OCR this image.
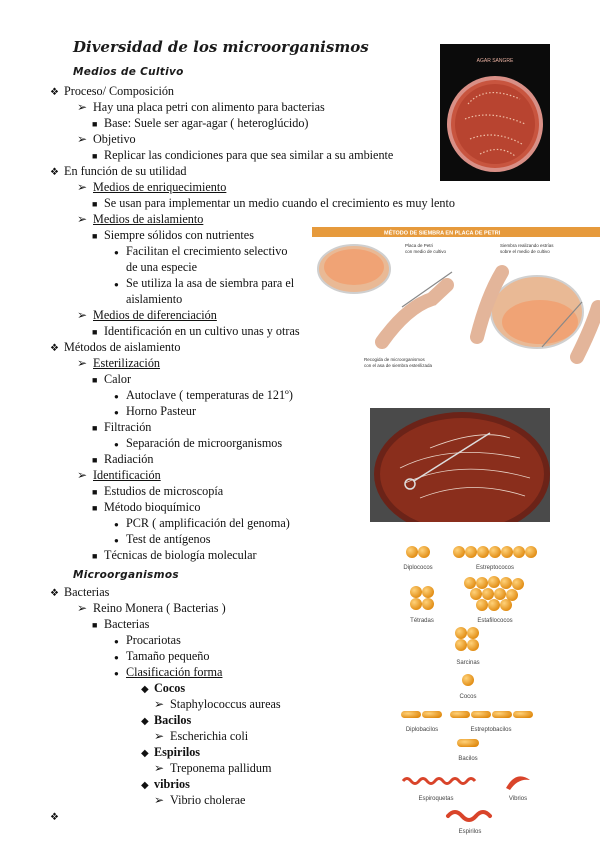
Diversidad de los microorganismos
Medios de Cultivo
Microorganismos
❖ Proceso/ Composición
➢ Hay una placa petri con alimento para bacterias
■ Base: Suele ser agar-agar ( heteroglúcido)
➢ Objetivo
■ Replicar las condiciones para que sea similar a su ambiente
❖ En función de su utilidad
➢ Medios de enriquecimiento
■ Se usan para implementar un medio cuando el crecimiento es muy lento
➢ Medios de aislamiento
■ Siempre sólidos con nutrientes
● Facilitan el crecimiento selectivo
de una especie
● Se utiliza la asa de siembra para el
aislamiento
➢ Medios de diferenciación
■ Identificación en un cultivo unas y otras
❖ Métodos de aislamiento
➢ Esterilización
■ Calor
● Autoclave ( temperaturas de 121º)
● Horno Pasteur
■ Filtración
● Separación de microorganismos
■ Radiación
➢ Identificación
■ Estudios de microscopía
■ Método bioquímico
● PCR ( amplificación del genoma)
● Test de antígenos
■ Técnicas de biología molecular
❖ Bacterias
➢ Reino Monera ( Bacterias )
■ Bacterias
● Procariotas
● Tamaño pequeño
● Clasificación forma
◆ Cocos
➢ Staphylococcus aureas
◆ Bacilos
➢ Escherichia coli
◆ Espirilos
➢ Treponema pallidum
◆ vibrios
➢ Vibrio cholerae
❖
AGAR SANGRE
MÉTODO DE SIEMBRA EN PLACA DE PETRI
Placa de Petri
con medio de cultivo
Siembra realizando estrías
sobre el medio de cultivo
Recogida de microorganismos
con el asa de siembra esterilizada
Diplococos	Estreptococos
Tétradas	Estafilococos
Sarcinas
Cocos
Diplobacilos	Estreptobacilos
Bacilos
Espiroquetas	Vibrios
Espirilos
